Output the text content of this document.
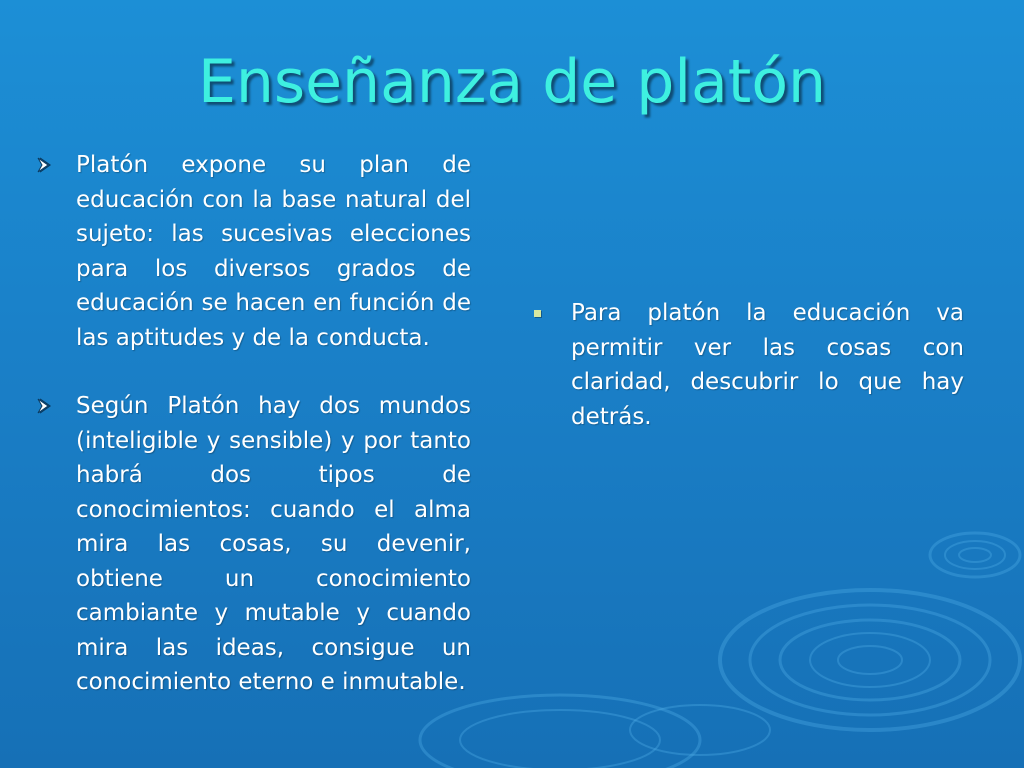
Enseñanza de platón
Platón expone su plan de educación con la base natural del sujeto: las sucesivas elecciones para los diversos grados de educación se hacen en función de las aptitudes y de la conducta.
Según Platón hay dos mundos (inteligible y sensible) y por tanto habrá dos tipos de conocimientos: cuando el alma mira las cosas, su devenir, obtiene un conocimiento cambiante y mutable y cuando mira las ideas, consigue un conocimiento eterno e inmutable.
Para platón la educación va permitir ver las cosas con claridad, descubrir lo que hay detrás.
